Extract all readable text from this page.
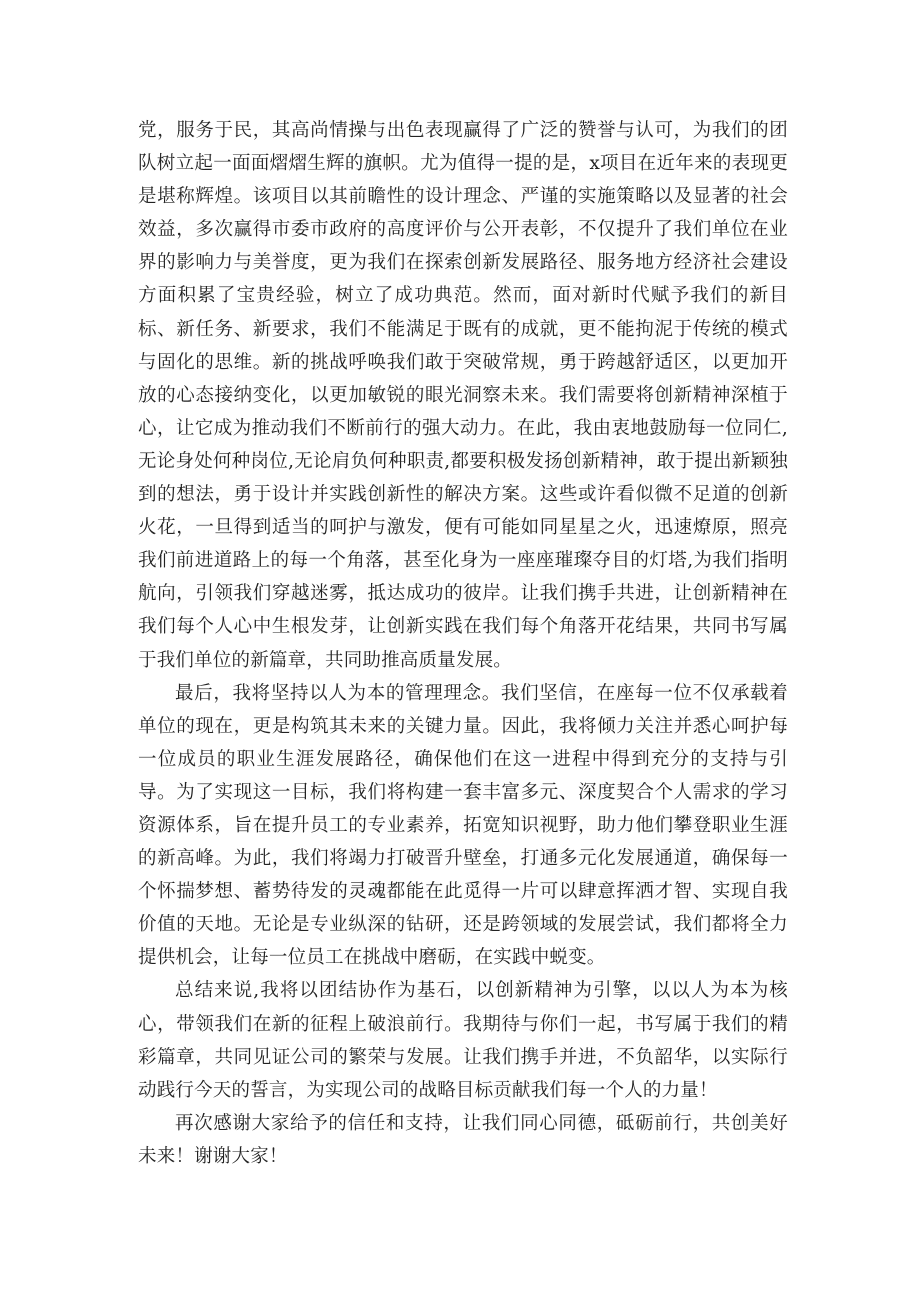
党，服务于民，其高尚情操与出色表现赢得了广泛的赞誉与认可，为我们的团队树立起一面面熠熠生辉的旗帜。尤为值得一提的是，x项目在近年来的表现更是堪称辉煌。该项目以其前瞻性的设计理念、严谨的实施策略以及显著的社会效益，多次赢得市委市政府的高度评价与公开表彰，不仅提升了我们单位在业界的影响力与美誉度，更为我们在探索创新发展路径、服务地方经济社会建设方面积累了宝贵经验，树立了成功典范。然而，面对新时代赋予我们的新目标、新任务、新要求，我们不能满足于既有的成就，更不能拘泥于传统的模式与固化的思维。新的挑战呼唤我们敢于突破常规，勇于跨越舒适区，以更加开放的心态接纳变化，以更加敏锐的眼光洞察未来。我们需要将创新精神深植于心，让它成为推动我们不断前行的强大动力。在此，我由衷地鼓励每一位同仁,无论身处何种岗位,无论肩负何种职责,都要积极发扬创新精神，敢于提出新颖独到的想法，勇于设计并实践创新性的解决方案。这些或许看似微不足道的创新火花，一旦得到适当的呵护与激发，便有可能如同星星之火，迅速燎原，照亮我们前进道路上的每一个角落，甚至化身为一座座璀璨夺目的灯塔,为我们指明航向，引领我们穿越迷雾，抵达成功的彼岸。让我们携手共进，让创新精神在我们每个人心中生根发芽，让创新实践在我们每个角落开花结果，共同书写属于我们单位的新篇章，共同助推高质量发展。

最后，我将坚持以人为本的管理理念。我们坚信，在座每一位不仅承载着单位的现在，更是构筑其未来的关键力量。因此，我将倾力关注并悉心呵护每一位成员的职业生涯发展路径，确保他们在这一进程中得到充分的支持与引导。为了实现这一目标，我们将构建一套丰富多元、深度契合个人需求的学习资源体系，旨在提升员工的专业素养，拓宽知识视野，助力他们攀登职业生涯的新高峰。为此，我们将竭力打破晋升壁垒，打通多元化发展通道，确保每一个怀揣梦想、蓄势待发的灵魂都能在此觅得一片可以肆意挥洒才智、实现自我价值的天地。无论是专业纵深的钻研，还是跨领域的发展尝试，我们都将全力提供机会，让每一位员工在挑战中磨砺，在实践中蜕变。

总结来说,我将以团结协作为基石，以创新精神为引擎，以以人为本为核心，带领我们在新的征程上破浪前行。我期待与你们一起，书写属于我们的精彩篇章，共同见证公司的繁荣与发展。让我们携手并进，不负韶华，以实际行动践行今天的誓言，为实现公司的战略目标贡献我们每一个人的力量！

再次感谢大家给予的信任和支持，让我们同心同德，砥砺前行，共创美好未来！谢谢大家！
